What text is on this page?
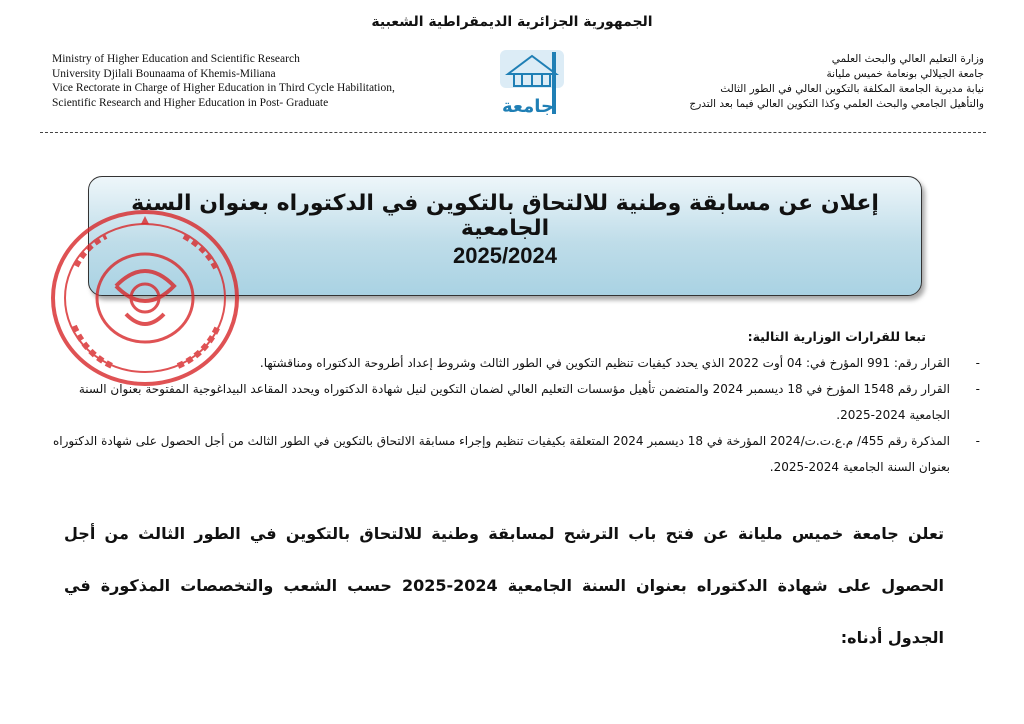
الجمهورية الجزائرية الديمقراطية الشعبية
Ministry of Higher Education and Scientific Research
University Djilali Bounaama of Khemis-Miliana
Vice Rectorate in Charge of Higher Education in Third Cycle Habilitation,
Scientific Research and Higher Education in Post- Graduate	جامعة
وزارة التعليم العالي والبحث العلمي
جامعة الجيلالي بونعامة خميس مليانة
نيابة مديرية الجامعة المكلفة بالتكوين العالي في الطور الثالث
والتأهيل الجامعي والبحث العلمي وكذا التكوين العالي فيما بعد التدرج
إعلان عن مسابقة وطنية للالتحاق بالتكوين في الدكتوراه بعنوان السنة الجامعية
2025/2024
تبعا للقرارات الوزارية التالية:
-
القرار رقم: 991 المؤرخ في: 04 أوت 2022 الذي يحدد كيفيات تنظيم التكوين في الطور الثالث وشروط إعداد أطروحة الدكتوراه ومناقشتها.
-
القرار رقم 1548 المؤرخ في 18 ديسمبر 2024 والمتضمن تأهيل مؤسسات التعليم العالي لضمان التكوين لنيل شهادة الدكتوراه ويحدد المقاعد البيداغوجية المفتوحة بعنوان السنة الجامعية 2024-2025.
-
المذكرة رقم 455/ م.ع.ت.ت/2024 المؤرخة في 18 ديسمبر 2024 المتعلقة بكيفيات تنظيم وإجراء مسابقة الالتحاق بالتكوين في الطور الثالث من أجل الحصول على شهادة الدكتوراه بعنوان السنة الجامعية 2024-2025.
تعلن جامعة خميس مليانة عن فتح باب الترشح لمسابقة وطنية للالتحاق بالتكوين في الطور الثالث من أجل الحصول على شهادة الدكتوراه بعنوان السنة الجامعية 2024-2025 حسب الشعب والتخصصات المذكورة في الجدول أدناه:
